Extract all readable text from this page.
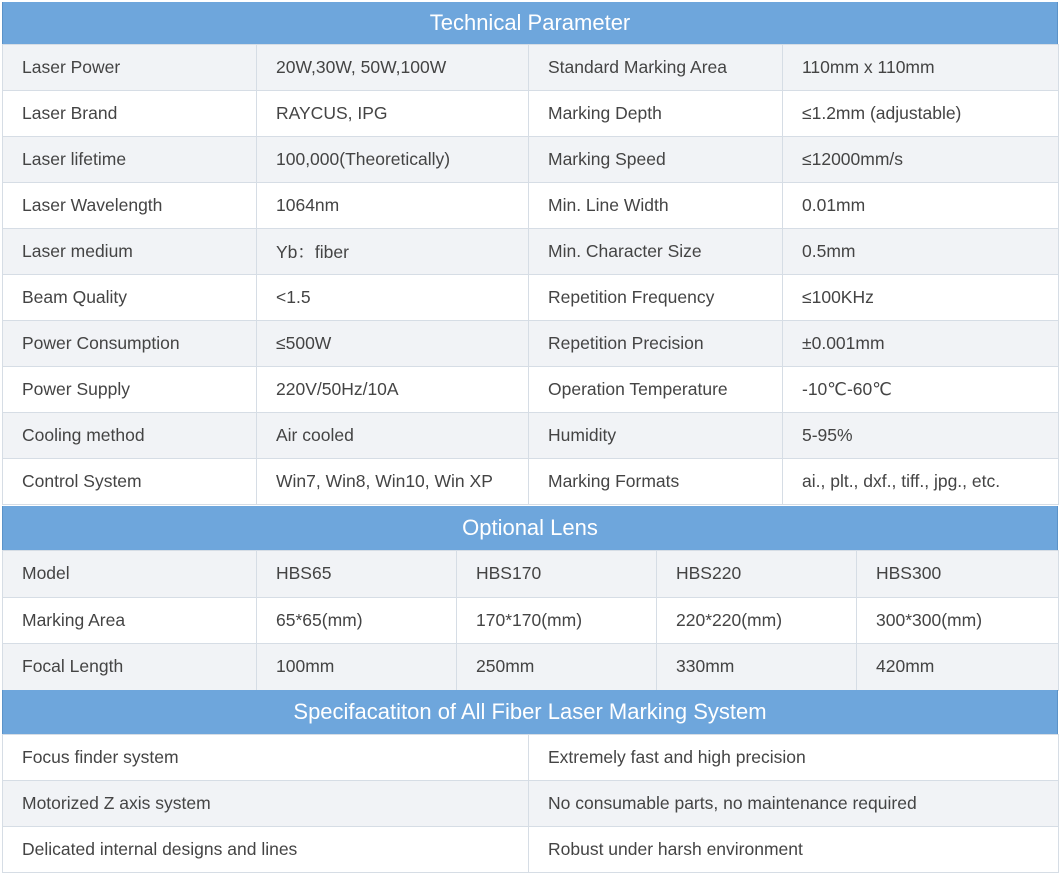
Technical Parameter
Laser Power	20W,30W, 50W,100W	Standard Marking Area	110mm x 110mm
Laser Brand	RAYCUS, IPG	Marking Depth	≤1.2mm (adjustable)
Laser lifetime	100,000(Theoretically)	Marking Speed	≤12000mm/s
Laser Wavelength	1064nm	Min. Line Width	0.01mm
Laser medium	Yb：fiber	Min. Character Size	0.5mm
Beam Quality	<1.5	Repetition Frequency	≤100KHz
Power Consumption	≤500W	Repetition Precision	±0.001mm
Power Supply	220V/50Hz/10A	Operation Temperature	-10℃-60℃
Cooling method	Air cooled	Humidity	5-95%
Control System	Win7, Win8, Win10, Win XP	Marking Formats	ai., plt., dxf., tiff., jpg., etc.
Optional Lens
Model	HBS65	HBS170	HBS220	HBS300
Marking Area	65*65(mm)	170*170(mm)	220*220(mm)	300*300(mm)
Focal Length	100mm	250mm	330mm	420mm
Specifacatiton of All Fiber Laser Marking System
Focus finder system	Extremely fast and high precision
Motorized Z axis system	No consumable parts, no maintenance required
Delicated internal designs and lines	Robust under harsh environment
